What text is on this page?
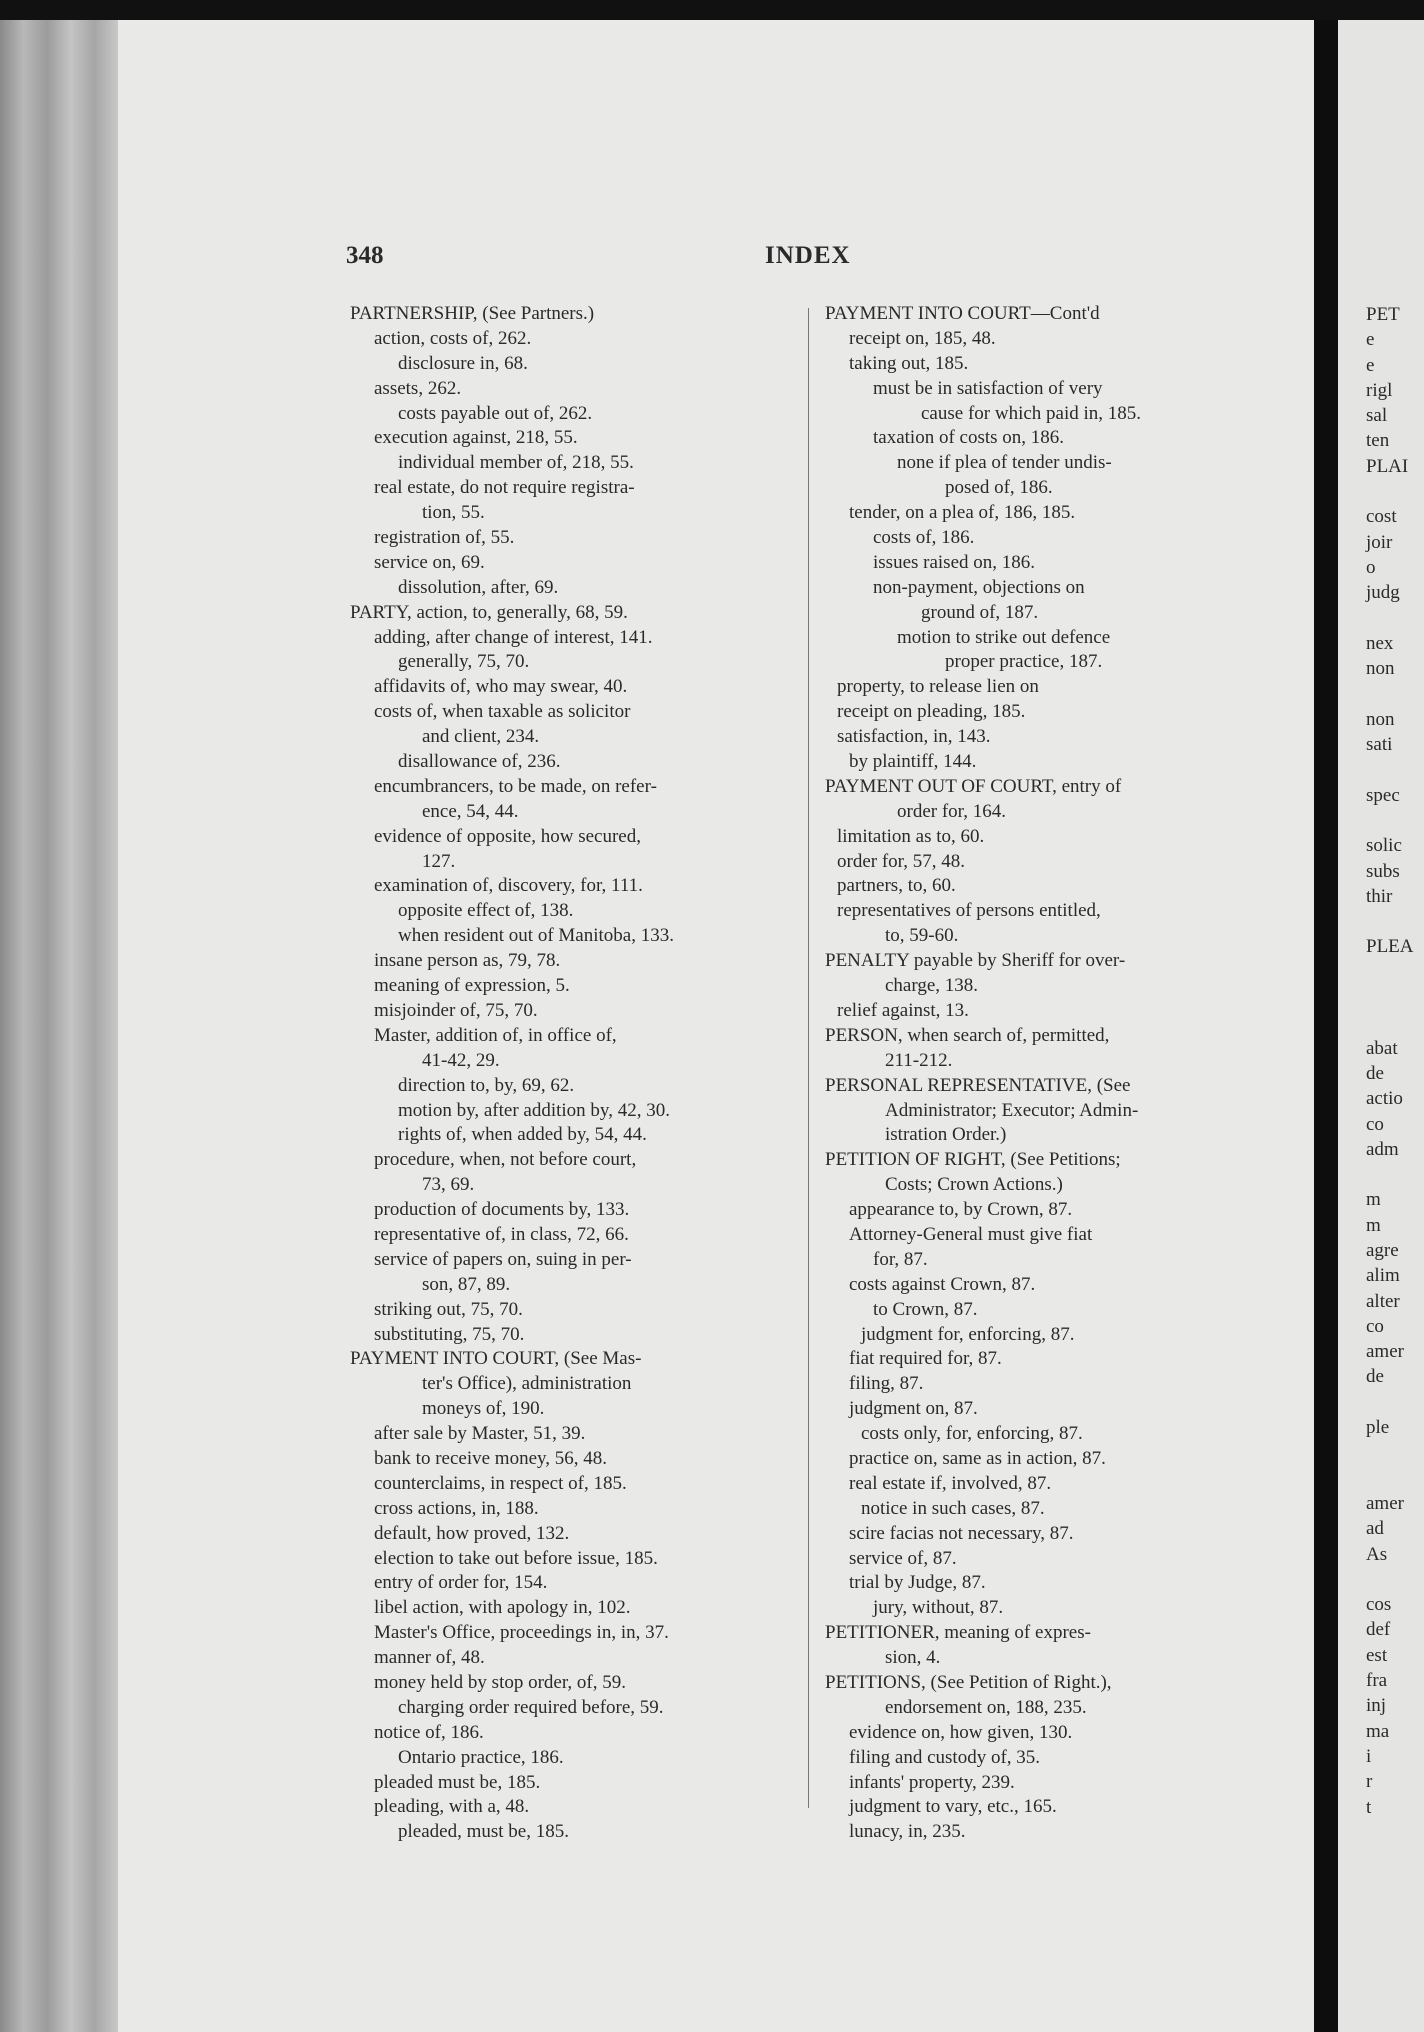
348	INDEX
PARTNERSHIP, (See Partners.)
action, costs of, 262.
disclosure in, 68.
assets, 262.
costs payable out of, 262.
execution against, 218, 55.
individual member of, 218, 55.
real estate, do not require registra-
tion, 55.
registration of, 55.
service on, 69.
dissolution, after, 69.
PARTY, action, to, generally, 68, 59.
adding, after change of interest, 141.
generally, 75, 70.
affidavits of, who may swear, 40.
costs of, when taxable as solicitor
and client, 234.
disallowance of, 236.
encumbrancers, to be made, on refer-
ence, 54, 44.
evidence of opposite, how secured,
127.
examination of, discovery, for, 111.
opposite effect of, 138.
when resident out of Manitoba, 133.
insane person as, 79, 78.
meaning of expression, 5.
misjoinder of, 75, 70.
Master, addition of, in office of,
41-42, 29.
direction to, by, 69, 62.
motion by, after addition by, 42, 30.
rights of, when added by, 54, 44.
procedure, when, not before court,
73, 69.
production of documents by, 133.
representative of, in class, 72, 66.
service of papers on, suing in per-
son, 87, 89.
striking out, 75, 70.
substituting, 75, 70.
PAYMENT INTO COURT, (See Mas-
ter's Office), administration
moneys of, 190.
after sale by Master, 51, 39.
bank to receive money, 56, 48.
counterclaims, in respect of, 185.
cross actions, in, 188.
default, how proved, 132.
election to take out before issue, 185.
entry of order for, 154.
libel action, with apology in, 102.
Master's Office, proceedings in, in, 37.
manner of, 48.
money held by stop order, of, 59.
charging order required before, 59.
notice of, 186.
Ontario practice, 186.
pleaded must be, 185.
pleading, with a, 48.
pleaded, must be, 185.
PAYMENT INTO COURT—Cont'd
receipt on, 185, 48.
taking out, 185.
must be in satisfaction of very
cause for which paid in, 185.
taxation of costs on, 186.
none if plea of tender undis-
posed of, 186.
tender, on a plea of, 186, 185.
costs of, 186.
issues raised on, 186.
non-payment, objections on
ground of, 187.
motion to strike out defence
proper practice, 187.
property, to release lien on
receipt on pleading, 185.
satisfaction, in, 143.
by plaintiff, 144.
PAYMENT OUT OF COURT, entry of
order for, 164.
limitation as to, 60.
order for, 57, 48.
partners, to, 60.
representatives of persons entitled,
to, 59-60.
PENALTY payable by Sheriff for over-
charge, 138.
relief against, 13.
PERSON, when search of, permitted,
211-212.
PERSONAL REPRESENTATIVE, (See
Administrator; Executor; Admin-
istration Order.)
PETITION OF RIGHT, (See Petitions;
Costs; Crown Actions.)
appearance to, by Crown, 87.
Attorney-General must give fiat
for, 87.
costs against Crown, 87.
to Crown, 87.
judgment for, enforcing, 87.
fiat required for, 87.
filing, 87.
judgment on, 87.
costs only, for, enforcing, 87.
practice on, same as in action, 87.
real estate if, involved, 87.
notice in such cases, 87.
scire facias not necessary, 87.
service of, 87.
trial by Judge, 87.
jury, without, 87.
PETITIONER, meaning of expres-
sion, 4.
PETITIONS, (See Petition of Right.),
endorsement on, 188, 235.
evidence on, how given, 130.
filing and custody of, 35.
infants' property, 239.
judgment to vary, etc., 165.
lunacy, in, 235.
PET
e
e
rigl
sal
ten
PLAI
cost
joir
o
judg
nex
non
non
sati
spec
solic
subs
thir
PLEA
abat
de
actio
co
adm
m
m
agre
alim
alter
co
amer
de
ple
amer
ad
As
cos
def
est
fra
inj
ma
i
r
t
